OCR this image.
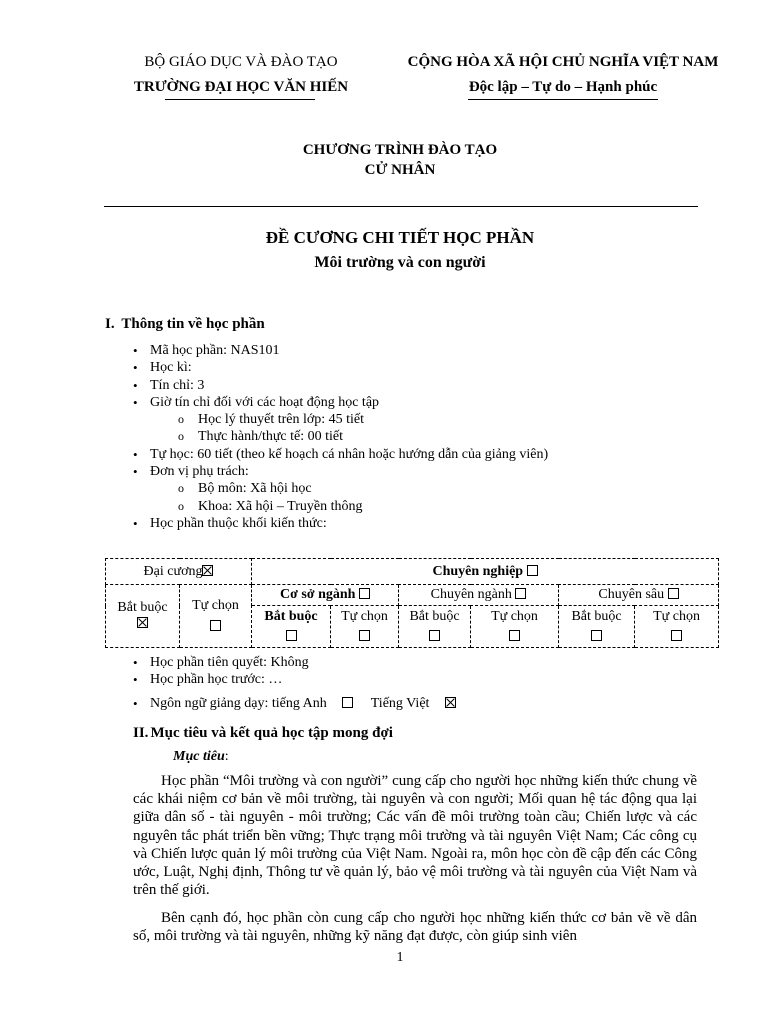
BỘ GIÁO DỤC VÀ ĐÀO TẠO
TRƯỜNG ĐẠI HỌC VĂN HIẾN
CỘNG HÒA XÃ HỘI CHỦ NGHĨA VIỆT NAM
Độc lập – Tự do – Hạnh phúc
CHƯƠNG TRÌNH ĐÀO TẠO
CỬ NHÂN
ĐỀ CƯƠNG CHI TIẾT HỌC PHẦN
Môi trường và con người
I. Thông tin về học phần
• Mã học phần: NAS101
• Học kì:
• Tín chỉ: 3
• Giờ tín chỉ đối với các hoạt động học tập
o Học lý thuyết trên lớp: 45 tiết
o Thực hành/thực tế: 00 tiết
• Tự học: 60 tiết (theo kế hoạch cá nhân hoặc hướng dẫn của giảng viên)
• Đơn vị phụ trách:
o Bộ môn: Xã hội học
o Khoa: Xã hội – Truyền thông
• Học phần thuộc khối kiến thức:
Đại cương		Chuyên nghiệp					

Bắt buộc	Tự chọn	Cơ sở ngành		Chuyên ngành		Chuyên sâu	

		Bắt buộc	Tự chọn	Bắt buộc	Tự chọn	Bắt buộc	Tự chọn
• Học phần tiên quyết: Không
• Học phần học trước: …
• Ngôn ngữ giảng dạy: tiếng Anh	Tiếng Việt
II. Mục tiêu và kết quả học tập mong đợi
Mục tiêu:

Học phần “Môi trường và con người” cung cấp cho người học những kiến thức chung về các khái niệm cơ bản về môi trường, tài nguyên và con người; Mối quan hệ tác động qua lại giữa dân số - tài nguyên - môi trường; Các vấn đề môi trường toàn cầu; Chiến lược và các nguyên tắc phát triển bền vững; Thực trạng môi trường và tài nguyên Việt Nam; Các công cụ và Chiến lược quản lý môi trường của Việt Nam. Ngoài ra, môn học còn đề cập đến các Công ước, Luật, Nghị định, Thông tư về quản lý, bảo vệ môi trường và tài nguyên của Việt Nam và trên thế giới.

Bên cạnh đó, học phần còn cung cấp cho người học những kiến thức cơ bản về về dân số, môi trường và tài nguyên, những kỹ năng đạt được, còn giúp sinh viên

1
